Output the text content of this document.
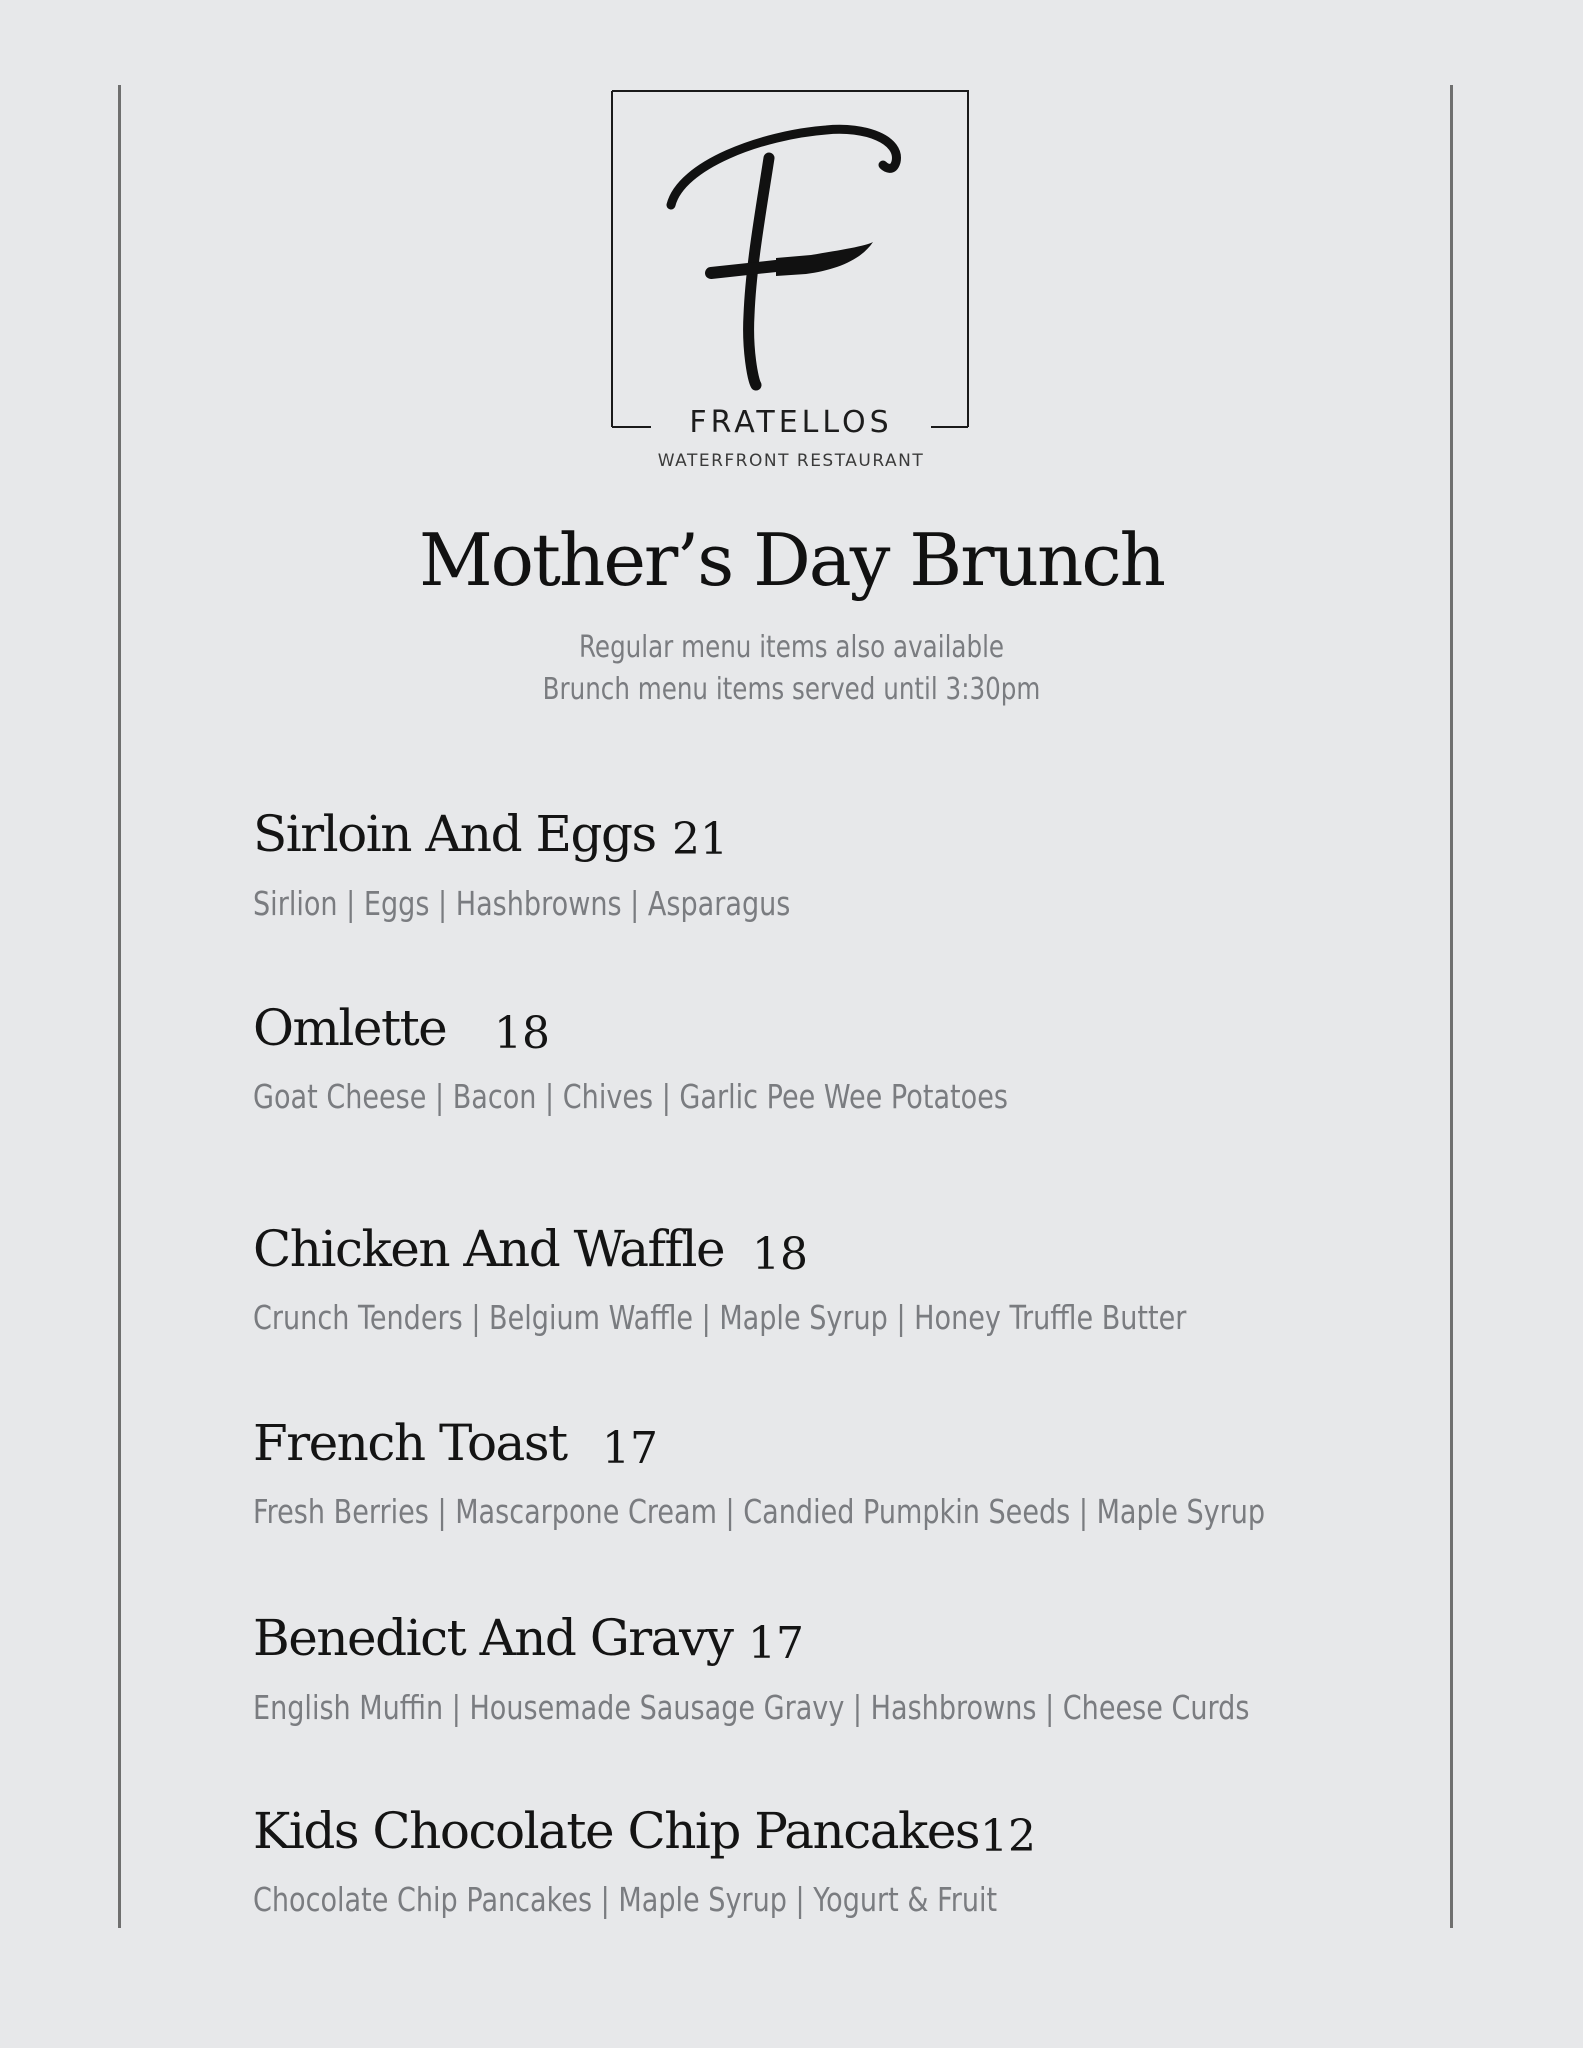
FRATELLOS
WATERFRONT RESTAURANT
Mother’s Day Brunch
Regular menu items also available
Brunch menu items served until 3:30pm
Sirloin And Eggs 21
Sirlion | Eggs | Hashbrowns | Asparagus
Omlette 18
Goat Cheese | Bacon | Chives | Garlic Pee Wee Potatoes
Chicken And Waffle 18
Crunch Tenders | Belgium Waffle | Maple Syrup | Honey Truffle Butter
French Toast 17
Fresh Berries | Mascarpone Cream | Candied Pumpkin Seeds | Maple Syrup
Benedict And Gravy 17
English Muffin | Housemade Sausage Gravy | Hashbrowns | Cheese Curds
Kids Chocolate Chip Pancakes 12
Chocolate Chip Pancakes | Maple Syrup | Yogurt & Fruit
